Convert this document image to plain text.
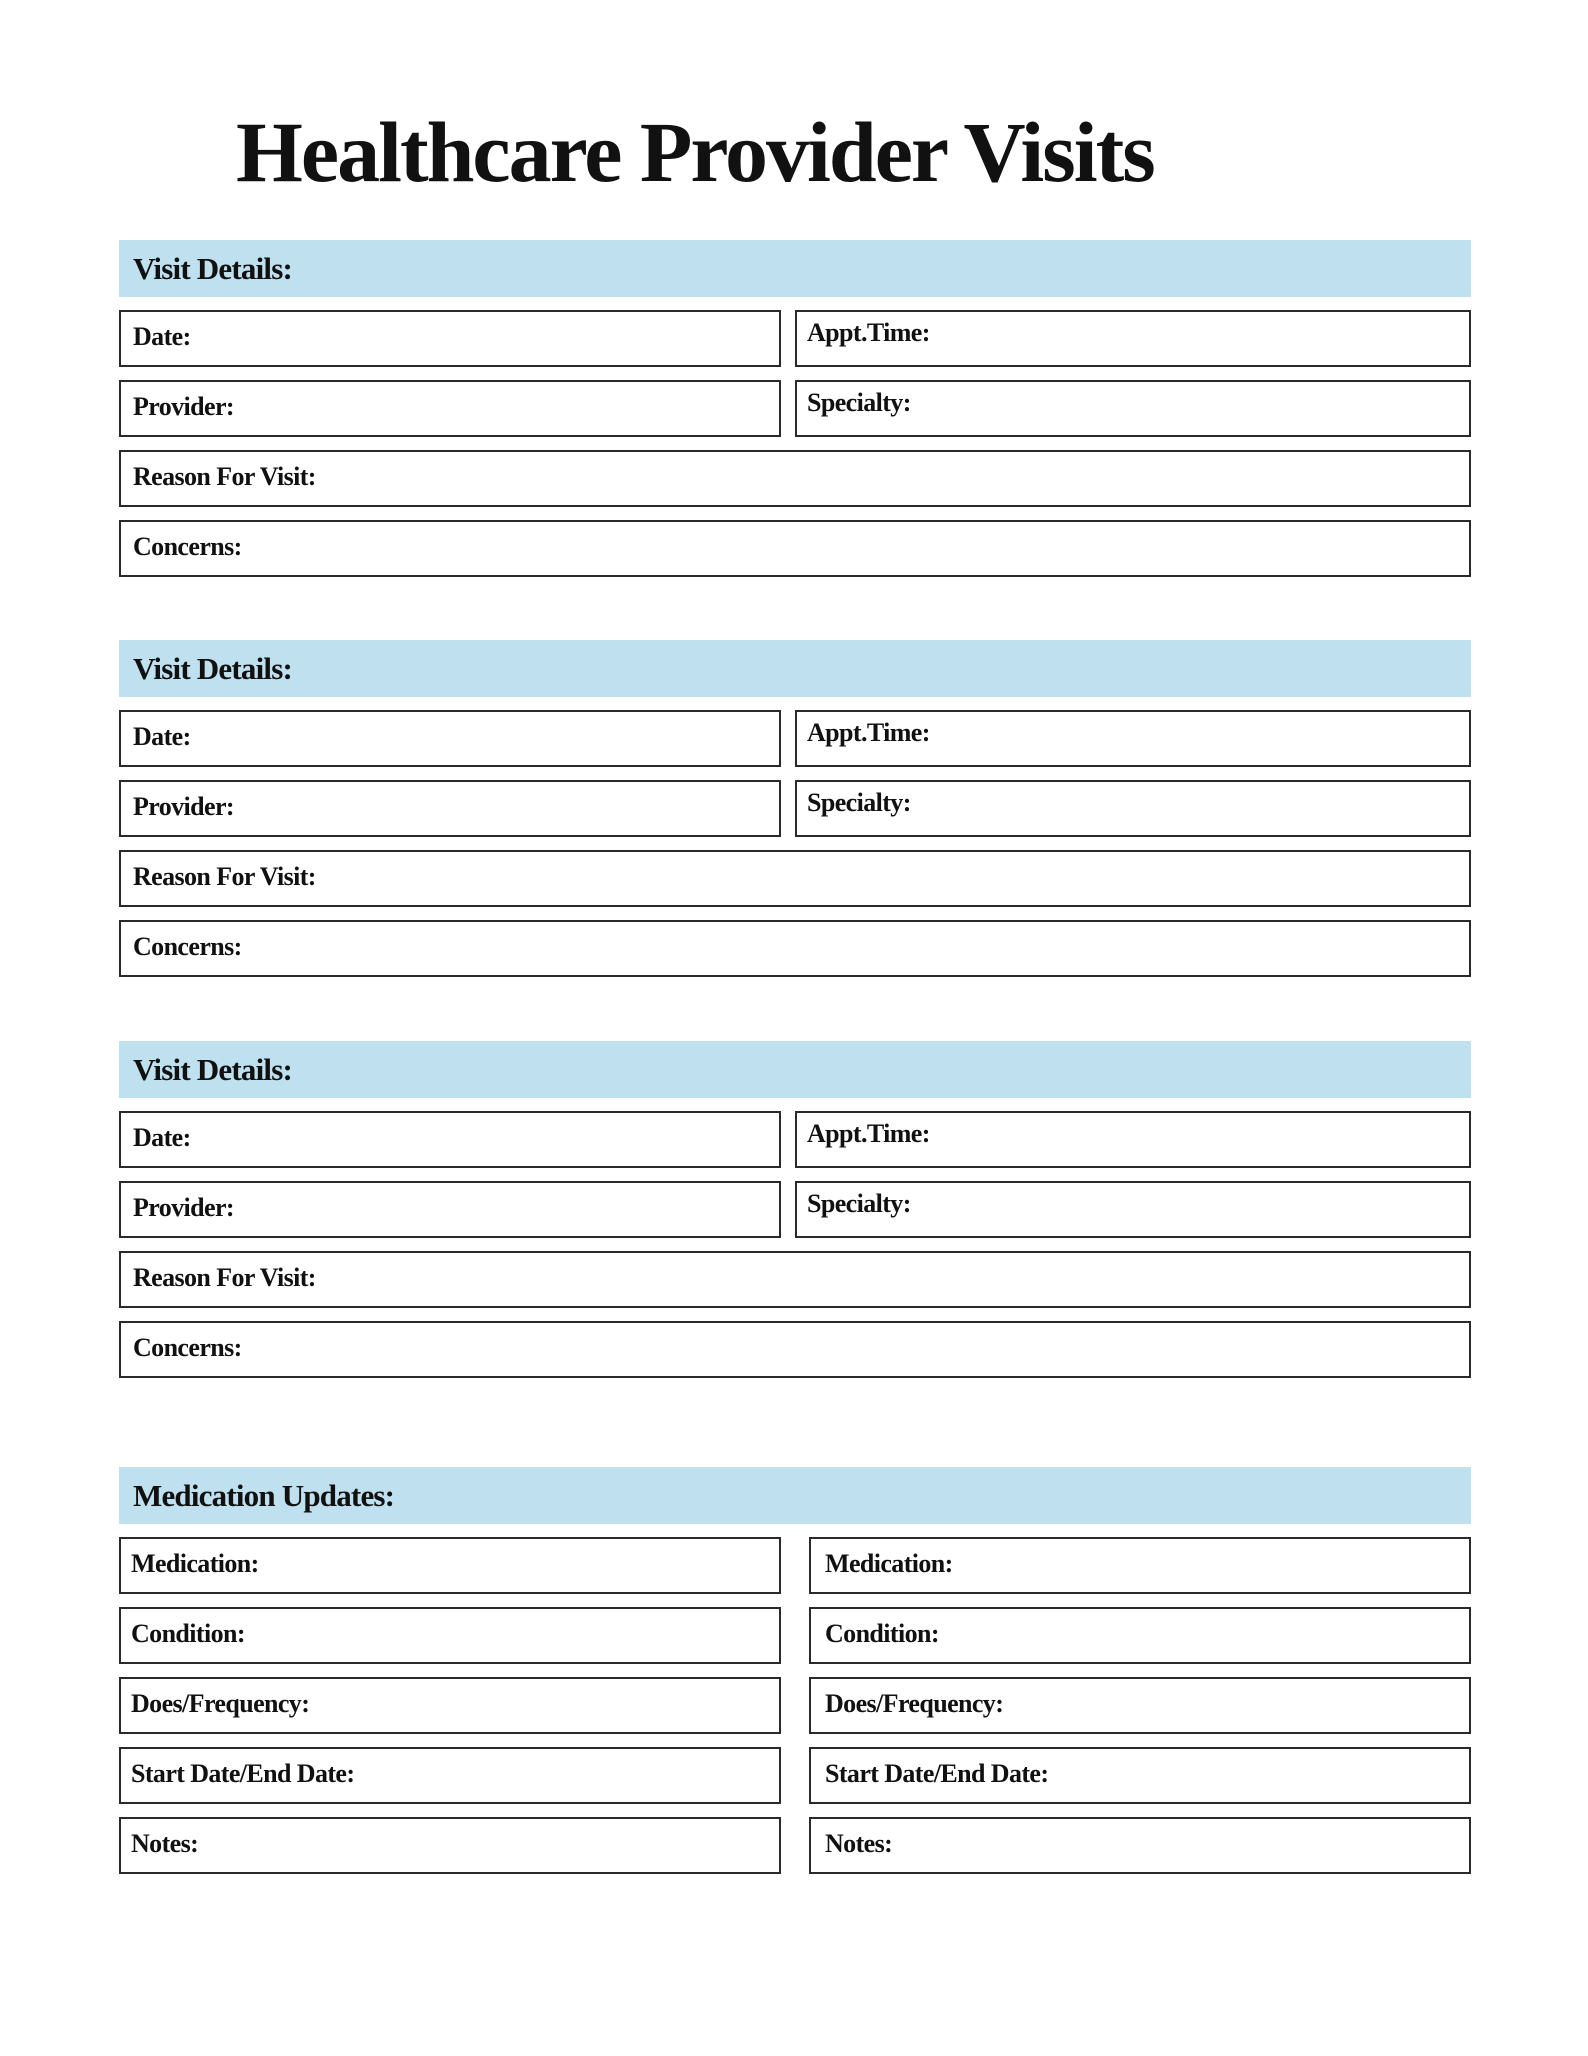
Healthcare Provider Visits
Visit Details:
Date:	Appt.Time:
Provider:	Specialty:
Reason For Visit:
Concerns:
Visit Details:
Date:	Appt.Time:
Provider:	Specialty:
Reason For Visit:
Concerns:
Visit Details:
Date:	Appt.Time:
Provider:	Specialty:
Reason For Visit:
Concerns:
Medication Updates:
Medication:	Medication:
Condition:	Condition:
Does/Frequency:	Does/Frequency:
Start Date/End Date:	Start Date/End Date:
Notes:	Notes:
